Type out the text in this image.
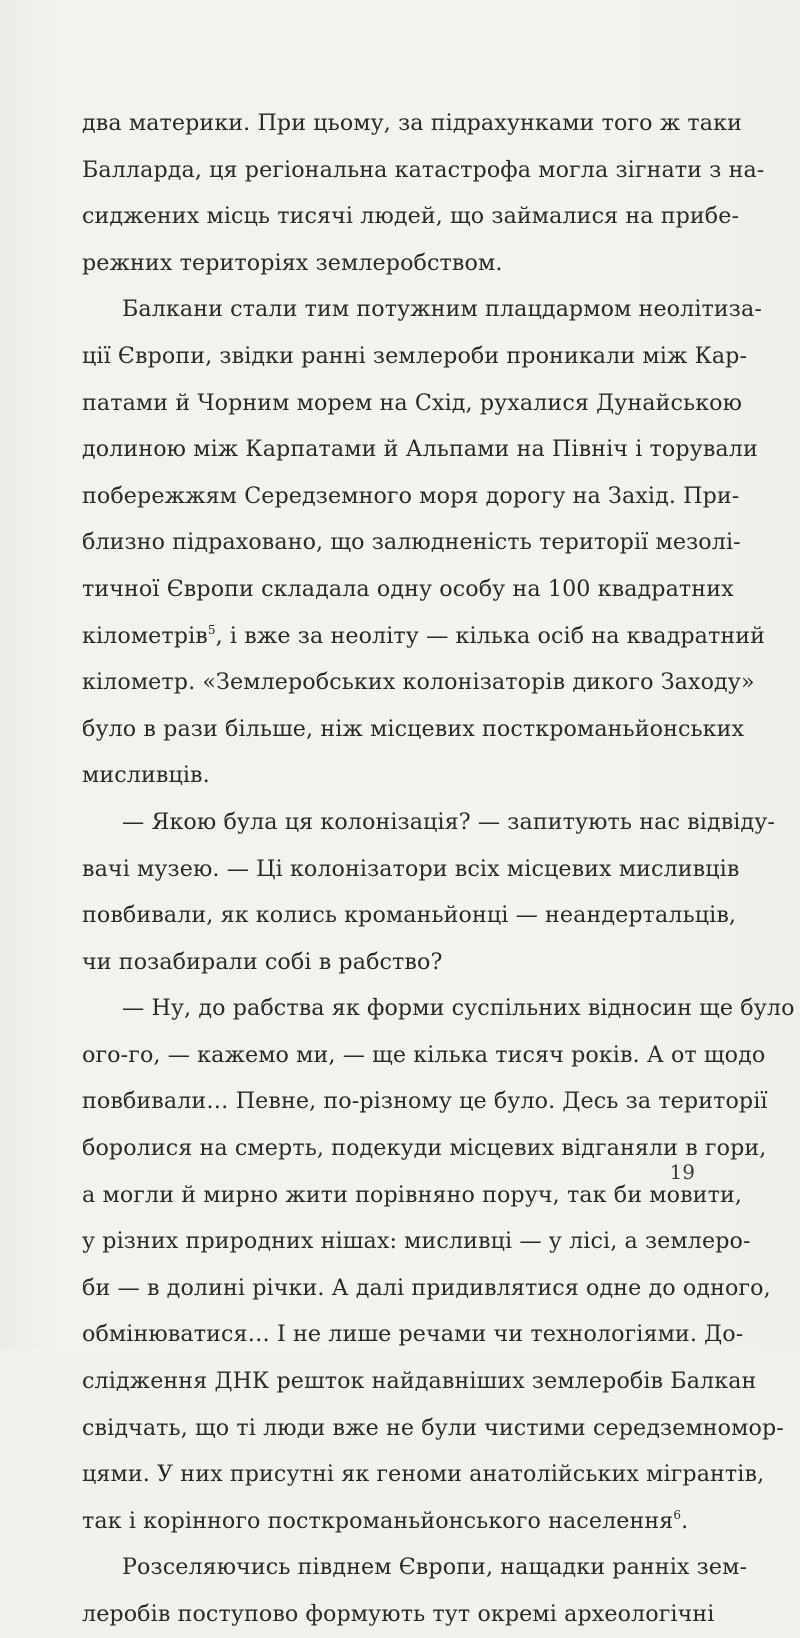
два материки. При цьому, за підрахунками того ж таки
Балларда, ця регіональна катастрофа могла зігнати з на-
сиджених місць тисячі людей, що займалися на прибе-
режних територіях землеробством.
Балкани стали тим потужним плацдармом неолітиза-
ції Європи, звідки ранні землероби проникали між Кар-
патами й Чорним морем на Схід, рухалися Дунайською
долиною між Карпатами й Альпами на Північ і торували
побережжям Середземного моря дорогу на Захід. При-
близно підраховано, що залюдненість території мезолі-
тичної Європи складала одну особу на 100 квадратних
кілометрів$^5$, і вже за неоліту — кілька осіб на квадратний
кілометр. «Землеробських колонізаторів дикого Заходу»
було в рази більше, ніж місцевих посткроманьйонських
мисливців.
— Якою була ця колонізація? — запитують нас відвіду-
вачі музею. — Ці колонізатори всіх місцевих мисливців
повбивали, як колись кроманьйонці — неандертальців,
чи позабирали собі в рабство?
— Ну, до рабства як форми суспільних відносин ще було
ого-го, — кажемо ми, — ще кілька тисяч років. А от щодо
повбивали… Певне, по-різному це було. Десь за території
боролися на смерть, подекуди місцевих відганяли в гори,
а могли й мирно жити порівняно поруч, так би мовити,
у різних природних нішах: мисливці — у лісі, а землеро-
би — в долині річки. А далі придивлятися одне до одного,
обмінюватися… І не лише речами чи технологіями. До-
слідження ДНК решток найдавніших землеробів Балкан
свідчать, що ті люди вже не були чистими середземномор-
цями. У них присутні як геноми анатолійських мігрантів,
так і корінного посткроманьйонського населення$^6$.
Розселяючись півднем Європи, нащадки ранніх зем-
леробів поступово формують тут окремі археологічні
19
